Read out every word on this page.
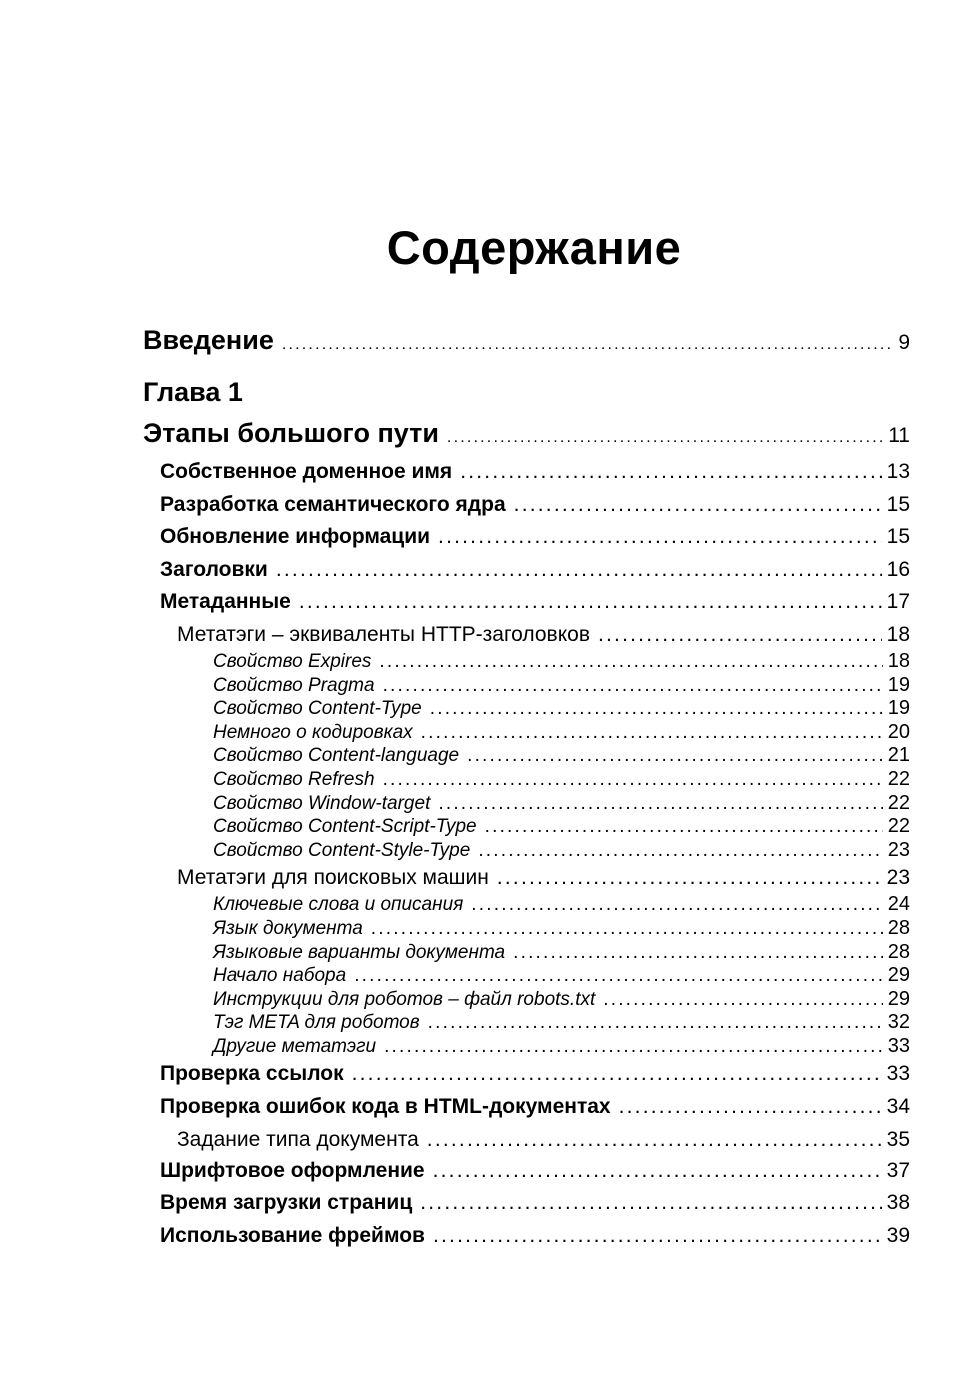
Содержание
Введение .....	9
Глава 1
Этапы большого пути .....	11
Собственное доменное имя .....	13
Разработка семантического ядра .....	15
Обновление информации .....	15
Заголовки .....	16
Метаданные .....	17
Метатэги – эквиваленты HTTP-заголовков .....	18
Свойство Expires .....	18
Свойство Pragma .....	19
Свойство Content-Type .....	19
Немного о кодировках .....	20
Свойство Content-language .....	21
Свойство Refresh .....	22
Свойство Window-target .....	22
Свойство Content-Script-Type .....	22
Свойство Content-Style-Type .....	23
Метатэги для поисковых машин .....	23
Ключевые слова и описания .....	24
Язык документа .....	28
Языковые варианты документа .....	28
Начало набора .....	29
Инструкции для роботов – файл robots.txt .....	29
Тэг META для роботов .....	32
Другие метатэги .....	33
Проверка ссылок .....	33
Проверка ошибок кода в HTML-документах .....	34
Задание типа документа .....	35
Шрифтовое оформление .....	37
Время загрузки страниц .....	38
Использование фреймов .....	39
